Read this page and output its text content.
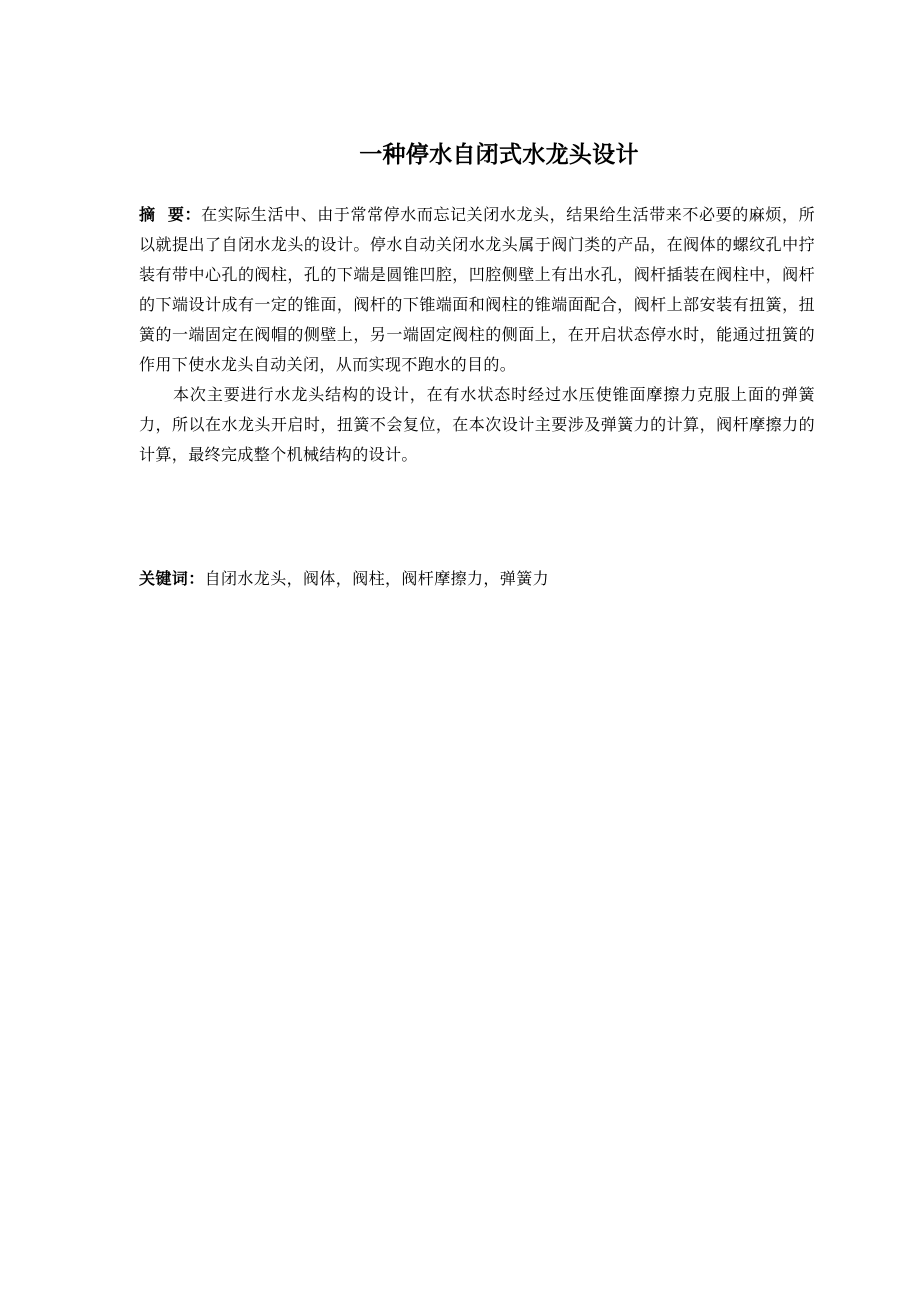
一种停水自闭式水龙头设计

摘  要：在实际生活中、由于常常停水而忘记关闭水龙头，结果给生活带来不必要的麻烦，所以就提出了自闭水龙头的设计。停水自动关闭水龙头属于阀门类的产品，在阀体的螺纹孔中拧装有带中心孔的阀柱，孔的下端是圆锥凹腔，凹腔侧壁上有出水孔，阀杆插装在阀柱中，阀杆的下端设计成有一定的锥面，阀杆的下锥端面和阀柱的锥端面配合，阀杆上部安装有扭簧，扭簧的一端固定在阀帽的侧壁上，另一端固定阀柱的侧面上，在开启状态停水时，能通过扭簧的作用下使水龙头自动关闭，从而实现不跑水的目的。

本次主要进行水龙头结构的设计，在有水状态时经过水压使锥面摩擦力克服上面的弹簧力，所以在水龙头开启时，扭簧不会复位，在本次设计主要涉及弹簧力的计算，阀杆摩擦力的计算，最终完成整个机械结构的设计。

关键词：自闭水龙头，阀体，阀柱，阀杆摩擦力，弹簧力
